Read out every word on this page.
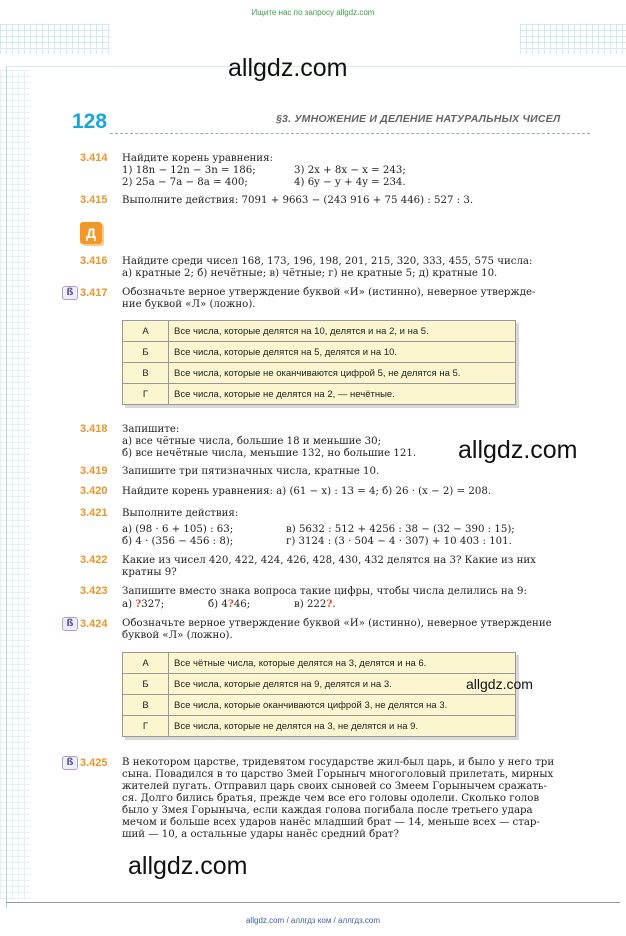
Ищите нас по запросу allgdz.com
allgdz.com
128	§3. УМНОЖЕНИЕ И ДЕЛЕНИЕ НАТУРАЛЬНЫХ ЧИСЕЛ
3.414 Найдите корень уравнения:
1) 18n − 12n − 3n = 186;	3) 2x + 8x − x = 243;
2) 25a − 7a − 8a = 400;	4) 6y − y + 4y = 234.
3.415 Выполните действия: 7091 + 9663 − (243 916 + 75 446) : 527 : 3.
Д
3.416 Найдите среди чисел 168, 173, 196, 198, 201, 215, 320, 333, 455, 575 числа:
а) кратные 2; б) нечётные; в) чётные; г) не кратные 5; д) кратные 10.
ß 3.417 Обозначьте верное утверждение буквой «И» (истинно), неверное утвержде-
ние буквой «Л» (ложно).
А	Все числа, которые делятся на 10, делятся и на 2, и на 5.
Б	Все числа, которые делятся на 5, делятся и на 10.
В	Все числа, которые не оканчиваются цифрой 5, не делятся на 5.
Г	Все числа, которые не делятся на 2, — нечётные.
3.418 Запишите:
а) все чётные числа, большие 18 и меньшие 30;
б) все нечётные числа, меньшие 132, но большие 121. allgdz.com
3.419 Запишите три пятизначных числа, кратные 10.
3.420 Найдите корень уравнения: а) (61 − x) : 13 = 4; б) 26 · (x − 2) = 208.
3.421 Выполните действия:
а) (98 · 6 + 105) : 63;	в) 5632 : 512 + 4256 : 38 − (32 − 390 : 15);
б) 4 · (356 − 456 : 8);	г) 3124 : (3 · 504 − 4 · 307) + 10 403 : 101.
3.422 Какие из чисел 420, 422, 424, 426, 428, 430, 432 делятся на 3? Какие из них
кратны 9?
3.423 Запишите вместо знака вопроса такие цифры, чтобы числа делились на 9:
а) ?327;	б) 4?46;	в) 222?.
ß 3.424 Обозначьте верное утверждение буквой «И» (истинно), неверное утверждение
буквой «Л» (ложно).
А	Все чётные числа, которые делятся на 3, делятся и на 6.
Б	Все числа, которые делятся на 9, делятся и на 3.
В	Все числа, которые оканчиваются цифрой 3, не делятся на 3.
Г	Все числа, которые не делятся на 3, не делятся и на 9.
allgdz.com
ß 3.425 В некотором царстве, тридевятом государстве жил-был царь, и было у него три
сына. Повадился в то царство Змей Горыныч многоголовый прилетать, мирных
жителей пугать. Отправил царь своих сыновей со Змеем Горынычем сражать-
ся. Долго бились братья, прежде чем все его головы одолели. Сколько голов
было у Змея Горыныча, если каждая голова погибала после третьего удара
мечом и больше всех ударов нанёс младший брат — 14, меньше всех — стар-
ший — 10, а остальные удары нанёс средний брат?
allgdz.com
allgdz.com / аллгдз ком / аллгдз.com
